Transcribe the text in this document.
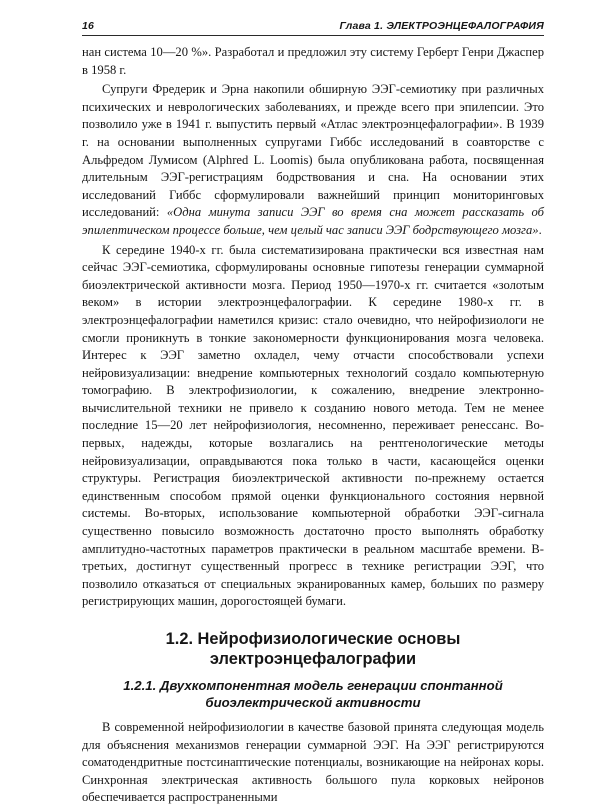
16	Глава 1. ЭЛЕКТРОЭНЦЕФАЛОГРАФИЯ

нан система 10—20 %». Разработал и предложил эту систему Герберт Генри Джаспер в 1958 г.

Супруги Фредерик и Эрна накопили обширную ЭЭГ-семиотику при различных психических и неврологических заболеваниях, и прежде всего при эпилепсии. Это позволило уже в 1941 г. выпустить первый «Атлас электроэнцефалографии». В 1939 г. на основании выполненных супругами Гиббс исследований в соавторстве с Альфредом Лумисом (Alphred L. Loomis) была опубликована работа, посвященная длительным ЭЭГ-регистрациям бодрствования и сна. На основании этих исследований Гиббс сформулировали важнейший принцип мониторинговых исследований: «Одна минута записи ЭЭГ во время сна может рассказать об эпилептическом процессе больше, чем целый час записи ЭЭГ бодрствующего мозга».

К середине 1940-х гг. была систематизирована практически вся известная нам сейчас ЭЭГ-семиотика, сформулированы основные гипотезы генерации суммарной биоэлектрической активности мозга. Период 1950—1970-х гг. считается «золотым веком» в истории электроэнцефалографии. К середине 1980-х гг. в электроэнцефалографии наметился кризис: стало очевидно, что нейрофизиологи не смогли проникнуть в тонкие закономерности функционирования мозга человека. Интерес к ЭЭГ заметно охладел, чему отчасти способствовали успехи нейровизуализации: внедрение компьютерных технологий создало компьютерную томографию. В электрофизиологии, к сожалению, внедрение электронно-вычислительной техники не привело к созданию нового метода. Тем не менее последние 15—20 лет нейрофизиология, несомненно, переживает ренессанс. Во-первых, надежды, которые возлагались на рентгенологические методы нейровизуализации, оправдываются пока только в части, касающейся оценки структуры. Регистрация биоэлектрической активности по-прежнему остается единственным способом прямой оценки функционального состояния нервной системы. Во-вторых, использование компьютерной обработки ЭЭГ-сигнала существенно повысило возможность достаточно просто выполнять обработку амплитудно-частотных параметров практически в реальном масштабе времени. В-третьих, достигнут существенный прогресс в технике регистрации ЭЭГ, что позволило отказаться от специальных экранированных камер, больших по размеру регистрирующих машин, дорогостоящей бумаги.

1.2. Нейрофизиологические основы
электроэнцефалографии
1.2.1. Двухкомпонентная модель генерации спонтанной
биоэлектрической активности

В современной нейрофизиологии в качестве базовой принята следующая модель для объяснения механизмов генерации суммарной ЭЭГ. На ЭЭГ регистрируются соматодендритные постсинаптические потенциалы, возникающие на нейронах коры. Синхронная электрическая активность большого пула корковых нейронов обеспечивается распространенными
